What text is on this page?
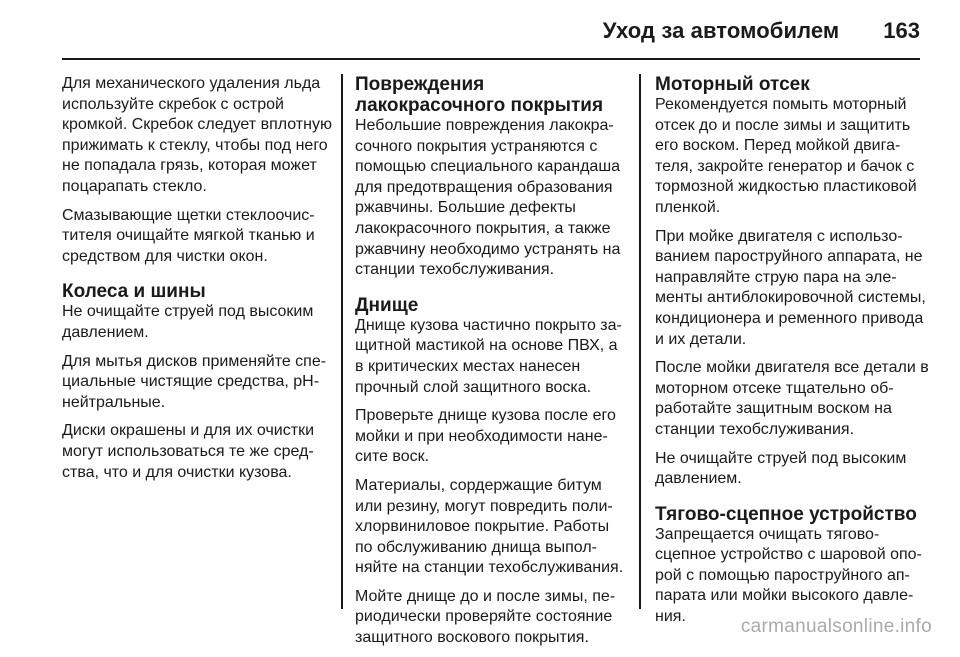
Уход за автомобилем 163

Для механического удаления льда используйте скребок с острой кромкой. Скребок следует вплотную прижимать к стеклу, чтобы под него не попадала грязь, которая может поцарапать стекло.

Смазывающие щетки стеклоочистителя очищайте мягкой тканью и средством для чистки окон.

Колеса и шины

Не очищайте струей под высоким давлением.

Для мытья дисков применяйте специальные чистящие средства, рН-нейтральные.

Диски окрашены и для их очистки могут использоваться те же средства, что и для очистки кузова.

Повреждения лакокрасочного покрытия

Небольшие повреждения лакокрасочного покрытия устраняются с помощью специального карандаша для предотвращения образования ржавчины. Большие дефекты лакокрасочного покрытия, а также ржавчину необходимо устранять на станции техобслуживания.

Днище

Днище кузова частично покрыто защитной мастикой на основе ПВХ, а в критических местах нанесен прочный слой защитного воска.

Проверьте днище кузова после его мойки и при необходимости нанесите воск.

Материалы, сордержащие битум или резину, могут повредить полихлорвиниловое покрытие. Работы по обслуживанию днища выполняйте на станции техобслуживания.

Мойте днище до и после зимы, периодически проверяйте состояние защитного воскового покрытия.

Моторный отсек

Рекомендуется помыть моторный отсек до и после зимы и защитить его воском. Перед мойкой двигателя, закройте генератор и бачок с тормозной жидкостью пластиковой пленкой.

При мойке двигателя с использованием пароструйного аппарата, не направляйте струю пара на элементы антиблокировочной системы, кондиционера и ременного привода и их детали.

После мойки двигателя все детали в моторном отсеке тщательно обработайте защитным воском на станции техобслуживания.

Не очищайте струей под высоким давлением.

Тягово-сцепное устройство

Запрещается очищать тяговосцепное устройство с шаровой опорой с помощью пароструйного аппарата или мойки высокого давления.	carmanualsonline.info
